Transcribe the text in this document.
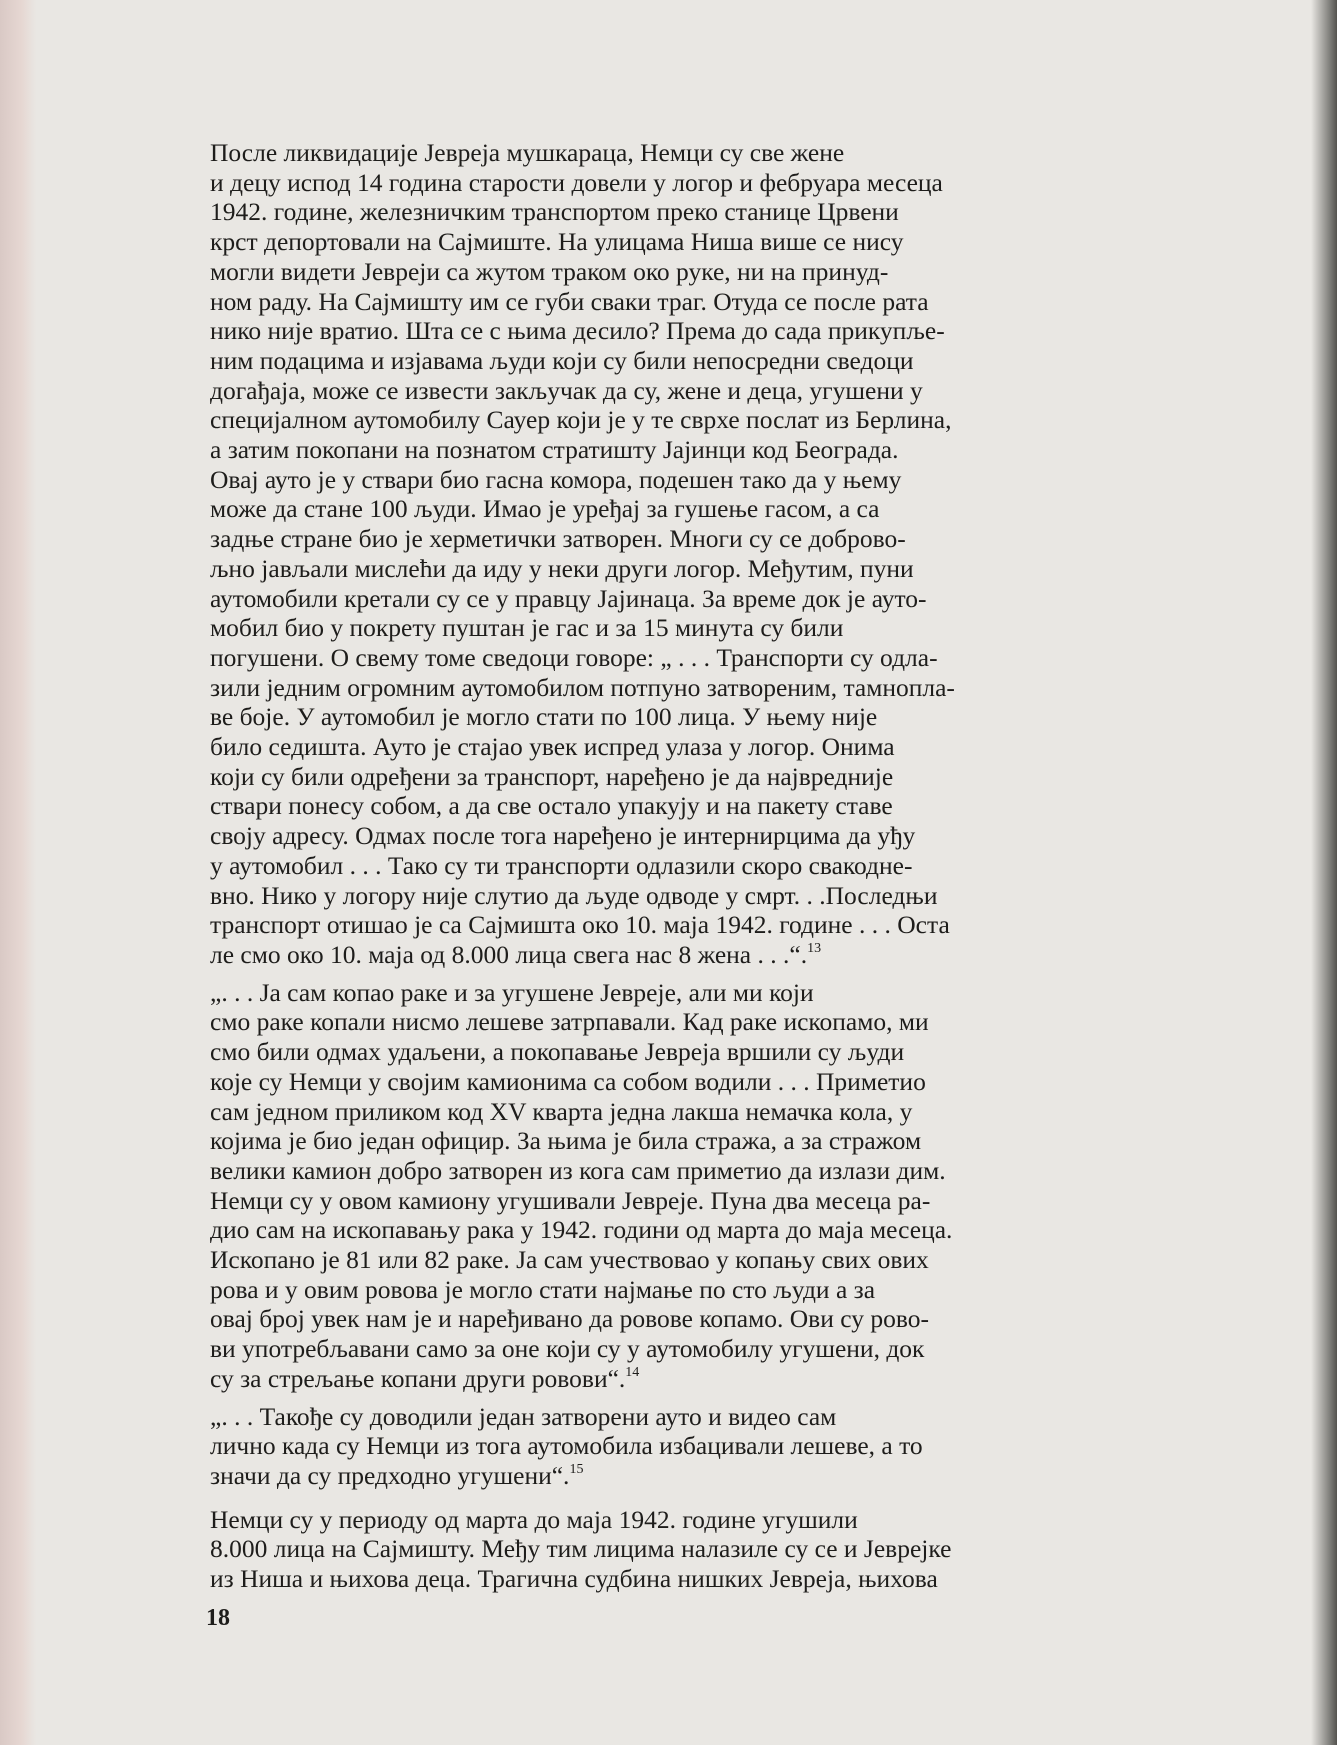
После ликвидације Јевреја мушкараца, Немци су све жене
и децу испод 14 година старости довели у логор и фебруара месеца
1942. године, железничким транспортом преко станице Црвени
крст депортовали на Сајмиште. На улицама Ниша више се нису
могли видети Јевреји са жутом траком око руке, ни на принуд-
ном раду. На Сајмишту им се губи сваки траг. Отуда се после рата
нико није вратио. Шта се с њима десило? Према до сада прикупље-
ним подацима и изјавама људи који су били непосредни сведоци
догађаја, може се извести закључак да су, жене и деца, угушени у
специјалном аутомобилу Сауер који је у те сврхе послат из Берлина,
а затим покопани на познатом стратишту Јајинци код Београда.
Овај ауто је у ствари био гасна комора, подешен тако да у њему
може да стане 100 људи. Имао је уређај за гушење гасом, а са
задње стране био је херметички затворен. Многи су се доброво-
љно јављали мислећи да иду у неки други логор. Међутим, пуни
аутомобили кретали су се у правцу Јајинаца. За време док је ауто-
мобил био у покрету пуштан је гас и за 15 минута су били
погушени. О свему томе сведоци говоре: „ . . . Транспорти су одла-
зили једним огромним аутомобилом потпуно затвореним, тамнопла-
ве боје. У аутомобил је могло стати по 100 лица. У њему није
било седишта. Ауто је стајао увек испред улаза у логор. Онима
који су били одређени за транспорт, наређено је да највредније
ствари понесу собом, а да све остало упакују и на пакету ставе
своју адресу. Одмах после тога наређено је интернирцима да уђу
у аутомобил . . . Тако су ти транспорти одлазили скоро свакодне-
вно. Нико у логору није слутио да људе одводе у смрт. . .Последњи
транспорт отишао је са Сајмишта око 10. маја 1942. године . . . Оста
ле смо око 10. маја од 8.000 лица свега нас 8 жена . . .“.$^{13}$

„. . . Ја сам копао раке и за угушене Јевреје, али ми који
смо раке копали нисмо лешеве затрпавали. Кад раке ископамо, ми
смо били одмах удаљени, а покопавање Јевреја вршили су људи
које су Немци у својим камионима са собом водили . . . Приметио
сам једном приликом код XV кварта једна лакша немачка кола, у
којима је био један официр. За њима је била стража, а за стражом
велики камион добро затворен из кога сам приметио да излази дим.
Немци су у овом камиону угушивали Јевреје. Пуна два месеца ра-
дио сам на ископавању рака у 1942. години од марта до маја месеца.
Ископано је 81 или 82 раке. Ја сам учествовао у копању свих ових
рова и у овим ровова је могло стати најмање по сто људи а за
овај број увек нам је и наређивано да ровове копамо. Ови су рово-
ви употребљавани само за оне који су у аутомобилу угушени, док
су за стрељање копани други ровови“.$^{14}$

„. . . Такође су доводили један затворени ауто и видео сам
лично када су Немци из тога аутомобила избацивали лешеве, а то
значи да су предходно угушени“.$^{15}$

Немци су у периоду од марта до маја 1942. године угушили
8.000 лица на Сајмишту. Међу тим лицима налазиле су се и Јеврејке
из Ниша и њихова деца. Трагична судбина нишких Јевреја, њихова

18
